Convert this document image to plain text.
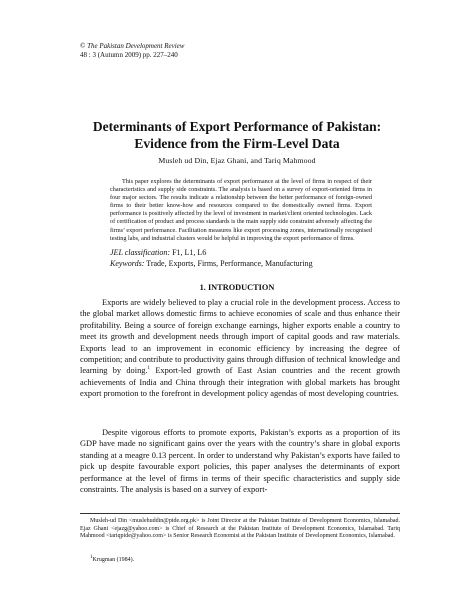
© The Pakistan Development Review
48 : 3 (Autumn 2009) pp. 227–240
Determinants of Export Performance of Pakistan:
Evidence from the Firm-Level Data
Musleh ud Din, Ejaz Ghani, and Tariq Mahmood

This paper explores the determinants of export performance at the level of firms in respect of their characteristics and supply side constraints. The analysis is based on a survey of export-oriented firms in four major sectors. The results indicate a relationship between the better performance of foreign-owned firms to their better know-how and resources compared to the domestically owned firms. Export performance is positively affected by the level of investment in market/client oriented technologies. Lack of certification of product and process standards is the main supply side constraint adversely affecting the firms’ export performance. Facilitation measures like export processing zones, internationally recognised testing labs, and industrial clusters would be helpful in improving the export performance of firms.

JEL classification: F1, L1, L6
Keywords: Trade, Exports, Firms, Performance, Manufacturing
1. INTRODUCTION

Exports are widely believed to play a crucial role in the development process. Access to the global market allows domestic firms to achieve economies of scale and thus enhance their profitability. Being a source of foreign exchange earnings, higher exports enable a country to meet its growth and development needs through import of capital goods and raw materials. Exports lead to an improvement in economic efficiency by increasing the degree of competition; and contribute to productivity gains through diffusion of technical knowledge and learning by doing.$^1$ Export-led growth of East Asian countries and the recent growth achievements of India and China through their integration with global markets has brought export promotion to the forefront in development policy agendas of most developing countries.

Despite vigorous efforts to promote exports, Pakistan’s exports as a proportion of its GDP have made no significant gains over the years with the country’s share in global exports standing at a meagre 0.13 percent. In order to understand why Pakistan’s exports have failed to pick up despite favourable export policies, this paper analyses the determinants of export performance at the level of firms in terms of their specific characteristics and supply side constraints. The analysis is based on a survey of export-

Musleh-ud Din <muslehuddin@pide.org.pk> is Joint Director at the Pakistan Institute of Development Economics, Islamabad. Ejaz Ghani <ejazg@yahoo.com> is Chief of Research at the Pakistan Institute of Development Economics, Islamabad. Tariq Mahmood <tariqpide@yahoo.com> is Senior Research Economist at the Pakistan Institute of Development Economics, Islamabad.

$^1$Krugman (1984).
